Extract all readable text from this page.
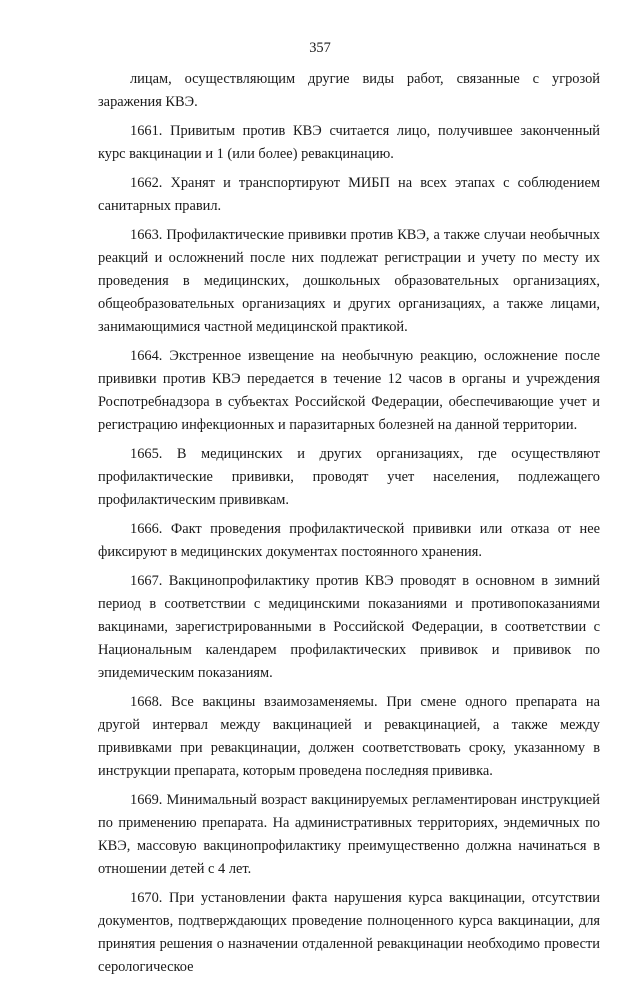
357

лицам, осуществляющим другие виды работ, связанные с угрозой заражения КВЭ.

1661. Привитым против КВЭ считается лицо, получившее законченный курс вакцинации и 1 (или более) ревакцинацию.

1662. Хранят и транспортируют МИБП на всех этапах с соблюдением санитарных правил.

1663. Профилактические прививки против КВЭ, а также случаи необычных реакций и осложнений после них подлежат регистрации и учету по месту их проведения в медицинских, дошкольных образовательных организациях, общеобразовательных организациях и других организациях, а также лицами, занимающимися частной медицинской практикой.

1664. Экстренное извещение на необычную реакцию, осложнение после прививки против КВЭ передается в течение 12 часов в органы и учреждения Роспотребнадзора в субъектах Российской Федерации, обеспечивающие учет и регистрацию инфекционных и паразитарных болезней на данной территории.

1665. В медицинских и других организациях, где осуществляют профилактические прививки, проводят учет населения, подлежащего профилактическим прививкам.

1666. Факт проведения профилактической прививки или отказа от нее фиксируют в медицинских документах постоянного хранения.

1667. Вакцинопрофилактику против КВЭ проводят в основном в зимний период в соответствии с медицинскими показаниями и противопоказаниями вакцинами, зарегистрированными в Российской Федерации, в соответствии с Национальным календарем профилактических прививок и прививок по эпидемическим показаниям.

1668. Все вакцины взаимозаменяемы. При смене одного препарата на другой интервал между вакцинацией и ревакцинацией, а также между прививками при ревакцинации, должен соответствовать сроку, указанному в инструкции препарата, которым проведена последняя прививка.

1669. Минимальный возраст вакцинируемых регламентирован инструкцией по применению препарата. На административных территориях, эндемичных по КВЭ, массовую вакцинопрофилактику преимущественно должна начинаться в отношении детей с 4 лет.

1670. При установлении факта нарушения курса вакцинации, отсутствии документов, подтверждающих проведение полноценного курса вакцинации, для принятия решения о назначении отдаленной ревакцинации необходимо провести серологическое
